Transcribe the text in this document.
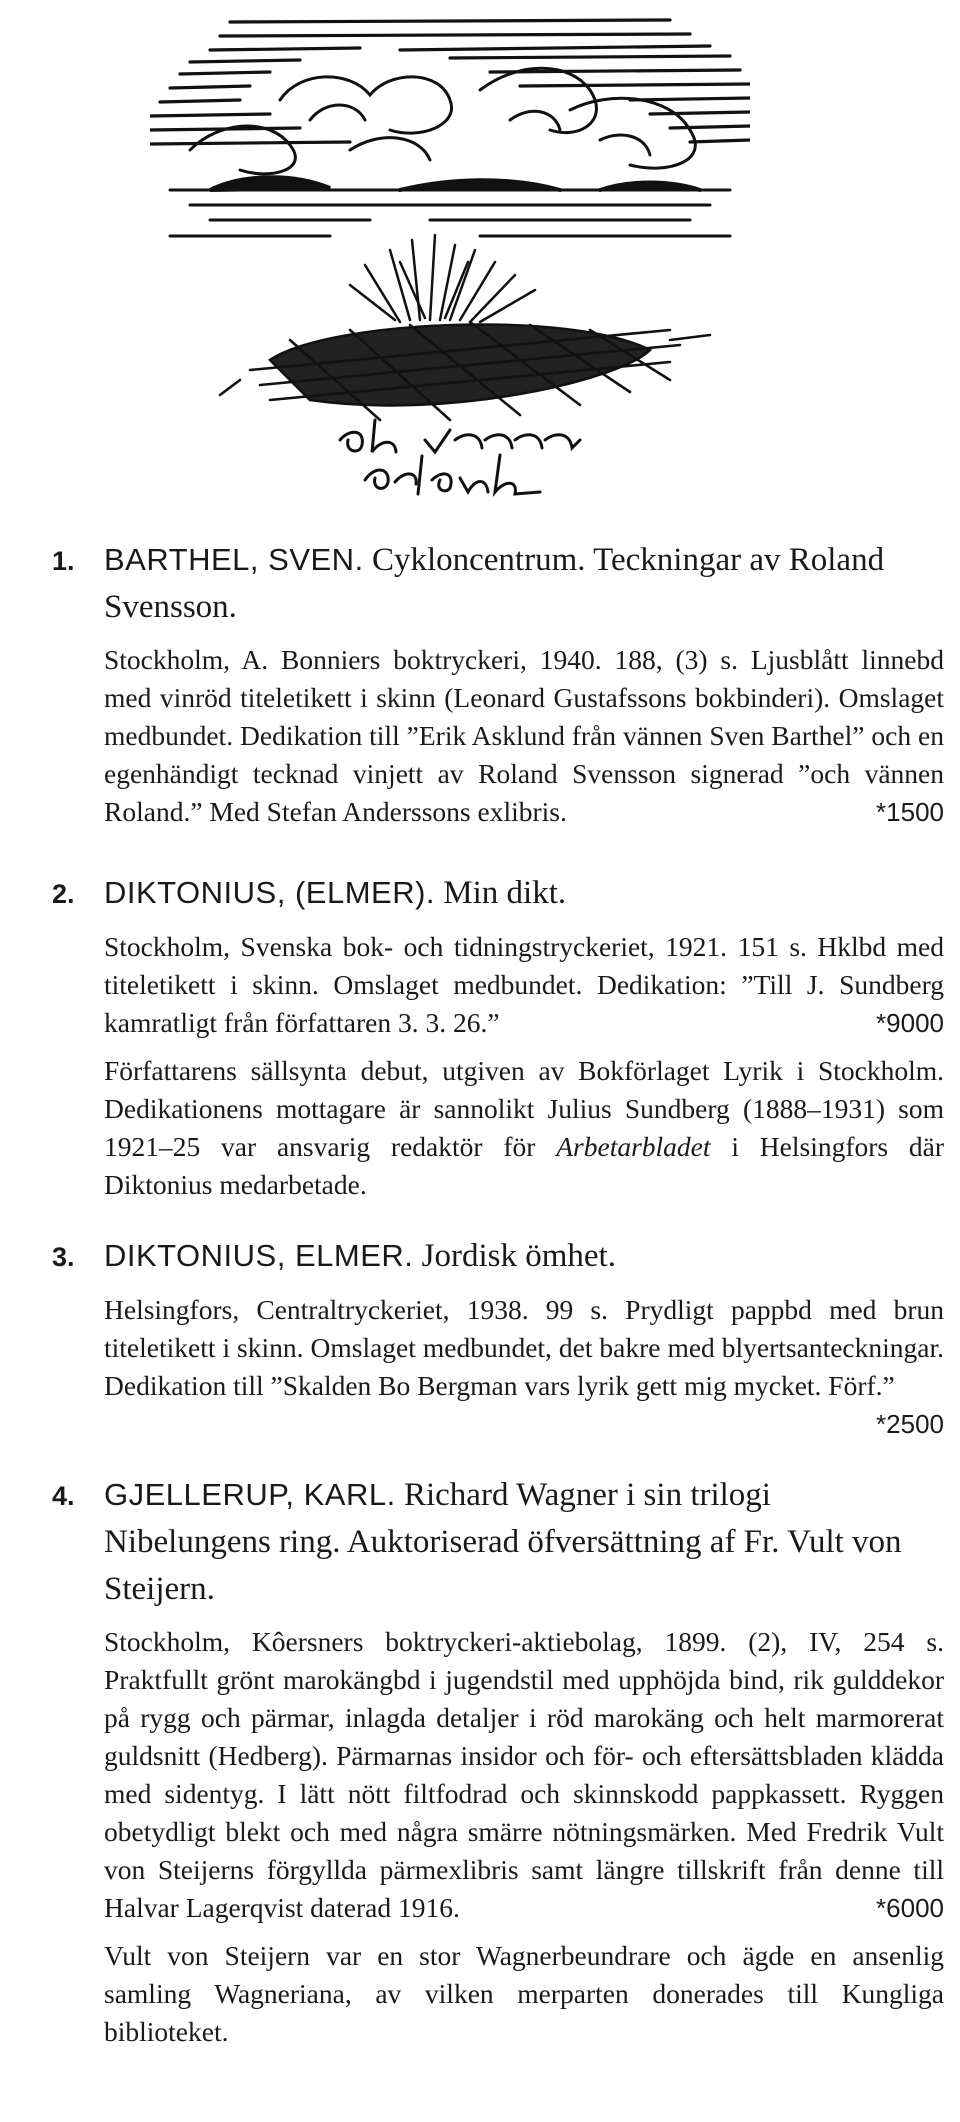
1. BARTHEL, SVEN. Cykloncentrum. Teckningar av Roland Svensson.

Stockholm, A. Bonniers boktryckeri, 1940. 188, (3) s. Ljusblått linnebd med vinröd titeletikett i skinn (Leonard Gustafssons bokbinderi). Omslaget medbundet. Dedikation till ”Erik Asklund från vännen Sven Barthel” och en egenhändigt tecknad vinjett av Roland Svensson signerad ”och vännen Roland.” Med Stefan Anderssons exlibris.	*1500

2. DIKTONIUS, (ELMER). Min dikt.

Stockholm, Svenska bok- och tidningstryckeriet, 1921. 151 s. Hklbd med titeletikett i skinn. Omslaget medbundet. Dedikation: ”Till J. Sundberg kamratligt från författaren 3. 3. 26.”	*9000

Författarens sällsynta debut, utgiven av Bokförlaget Lyrik i Stockholm. Dedikationens mottagare är sannolikt Julius Sundberg (1888–1931) som 1921–25 var ansvarig redaktör för Arbetarbladet i Helsingfors där Diktonius medarbetade.

3. DIKTONIUS, ELMER. Jordisk ömhet.

Helsingfors, Centraltryckeriet, 1938. 99 s. Prydligt pappbd med brun titeletikett i skinn. Omslaget medbundet, det bakre med blyertsanteckningar. Dedikation till ”Skalden Bo Bergman vars lyrik gett mig mycket. Förf.”
*2500

4. GJELLERUP, KARL. Richard Wagner i sin trilogi Nibelungens ring. Auktoriserad öfversättning af Fr. Vult von Steijern.

Stockholm, Kôersners boktryckeri-aktiebolag, 1899. (2), IV, 254 s. Praktfullt grönt marokängbd i jugendstil med upphöjda bind, rik gulddekor på rygg och pärmar, inlagda detaljer i röd marokäng och helt marmorerat guldsnitt (Hedberg). Pärmarnas insidor och för- och eftersättsbladen klädda med sidentyg. I lätt nött filtfodrad och skinnskodd pappkassett. Ryggen obetydligt blekt och med några smärre nötningsmärken. Med Fredrik Vult von Steijerns förgyllda pärmexlibris samt längre tillskrift från denne till Halvar Lagerqvist daterad 1916.	*6000

Vult von Steijern var en stor Wagnerbeundrare och ägde en ansenlig samling Wagneriana, av vilken merparten donerades till Kungliga biblioteket.
